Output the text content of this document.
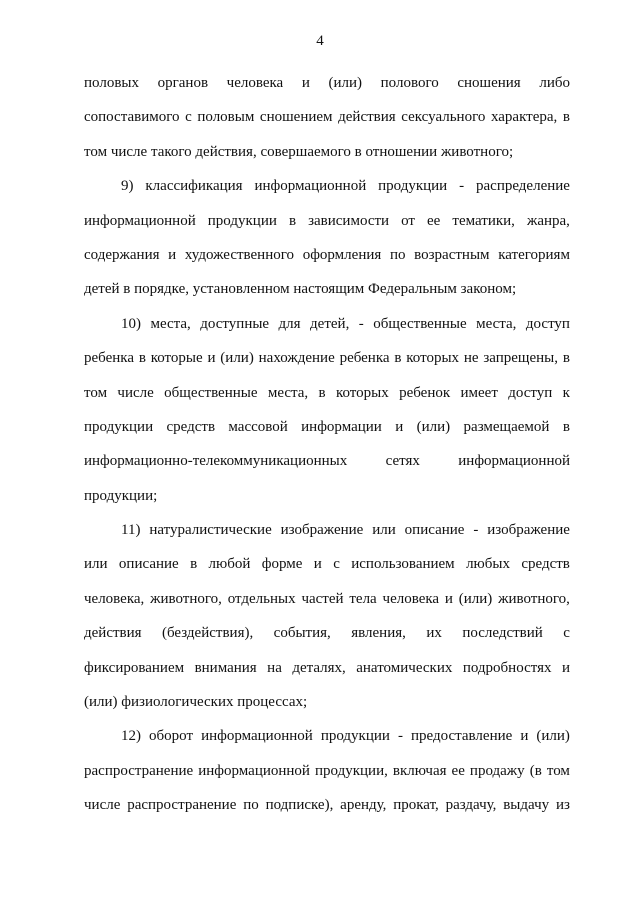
4
половых органов человека и (или) полового сношения либо
сопоставимого с половым сношением действия сексуального характера, в
том числе такого действия, совершаемого в отношении животного;
9) классификация информационной продукции - распределение
информационной продукции в зависимости от ее тематики, жанра,
содержания и художественного оформления по возрастным категориям
детей в порядке, установленном настоящим Федеральным законом;
10) места, доступные для детей, - общественные места, доступ
ребенка в которые и (или) нахождение ребенка в которых не запрещены, в
том числе общественные места, в которых ребенок имеет доступ к
продукции средств массовой информации и (или) размещаемой в
информационно-телекоммуникационных	сетях	информационной
продукции;
11) натуралистические изображение или описание - изображение
или описание в любой форме и с использованием любых средств
человека, животного, отдельных частей тела человека и (или) животного,
действия (бездействия), события, явления, их последствий с
фиксированием внимания на деталях, анатомических подробностях и
(или) физиологических процессах;
12) оборот информационной продукции - предоставление и (или)
распространение информационной продукции, включая ее продажу (в том
числе распространение по подписке), аренду, прокат, раздачу, выдачу из
